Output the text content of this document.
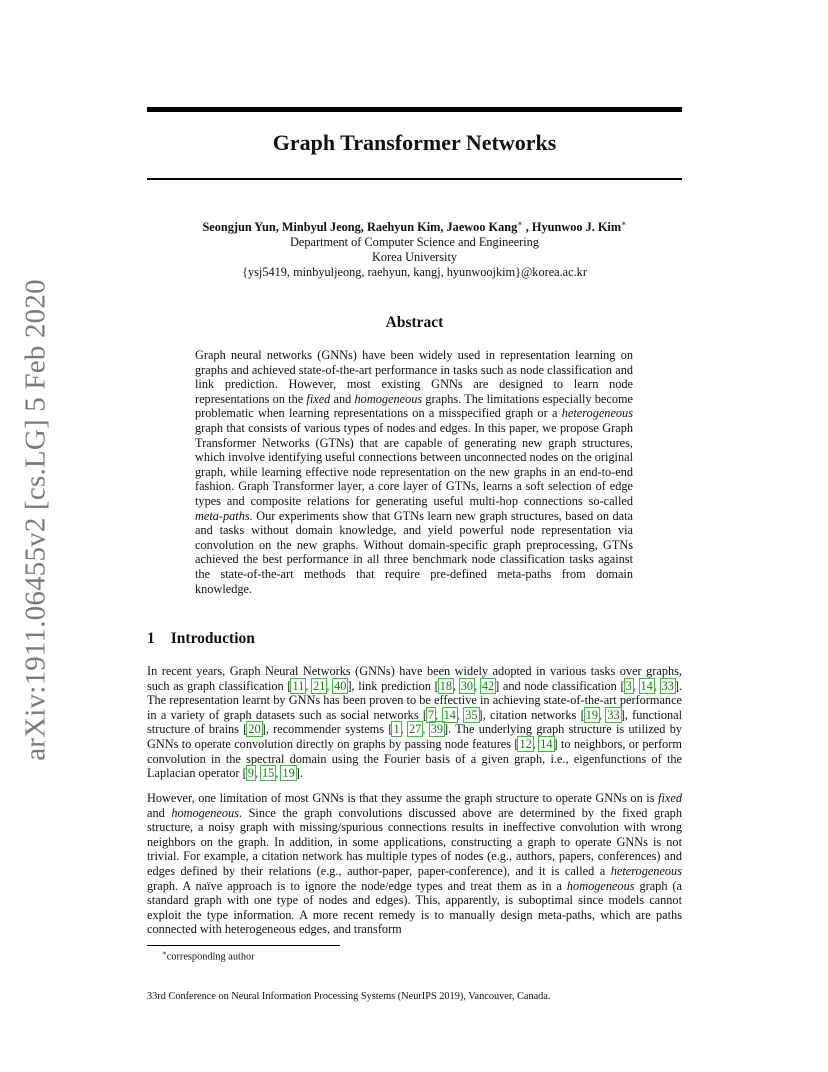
Graph Transformer Networks
Seongjun Yun, Minbyul Jeong, Raehyun Kim, Jaewoo Kang∗ , Hyunwoo J. Kim∗
Department of Computer Science and Engineering
Korea University
{ysj5419, minbyuljeong, raehyun, kangj, hyunwoojkim}@korea.ac.kr
arXiv:1911.06455v2 [cs.LG] 5 Feb 2020	Abstract
Graph neural networks (GNNs) have been widely used in representation learning on graphs and achieved state-of-the-art performance in tasks such as node classification and link prediction. However, most existing GNNs are designed to learn node representations on the fixed and homogeneous graphs. The limitations especially become problematic when learning representations on a misspecified graph or a heterogeneous graph that consists of various types of nodes and edges. In this paper, we propose Graph Transformer Networks (GTNs) that are capable of generating new graph structures, which involve identifying useful connections between unconnected nodes on the original graph, while learning effective node representation on the new graphs in an end-to-end fashion. Graph Transformer layer, a core layer of GTNs, learns a soft selection of edge types and composite relations for generating useful multi-hop connections so-called meta-paths. Our experiments show that GTNs learn new graph structures, based on data and tasks without domain knowledge, and yield powerful node representation via convolution on the new graphs. Without domain-specific graph preprocessing, GTNs achieved the best performance in all three benchmark node classification tasks against the state-of-the-art methods that require pre-defined meta-paths from domain knowledge.
1 Introduction
In recent years, Graph Neural Networks (GNNs) have been widely adopted in various tasks over graphs, such as graph classification [11, 21, 40], link prediction [18, 30, 42] and node classification [3, 14, 33]. The representation learnt by GNNs has been proven to be effective in achieving state-of-the-art performance in a variety of graph datasets such as social networks [7, 14, 35], citation networks [19, 33], functional structure of brains [20], recommender systems [1, 27, 39]. The underlying graph structure is utilized by GNNs to operate convolution directly on graphs by passing node features [12, 14] to neighbors, or perform convolution in the spectral domain using the Fourier basis of a given graph, i.e., eigenfunctions of the Laplacian operator [9, 15, 19].
However, one limitation of most GNNs is that they assume the graph structure to operate GNNs on is fixed and homogeneous. Since the graph convolutions discussed above are determined by the fixed graph structure, a noisy graph with missing/spurious connections results in ineffective convolution with wrong neighbors on the graph. In addition, in some applications, constructing a graph to operate GNNs is not trivial. For example, a citation network has multiple types of nodes (e.g., authors, papers, conferences) and edges defined by their relations (e.g., author-paper, paper-conference), and it is called a heterogeneous graph. A naïve approach is to ignore the node/edge types and treat them as in a homogeneous graph (a standard graph with one type of nodes and edges). This, apparently, is suboptimal since models cannot exploit the type information. A more recent remedy is to manually design meta-paths, which are paths connected with heterogeneous edges, and transform
∗corresponding author
33rd Conference on Neural Information Processing Systems (NeurIPS 2019), Vancouver, Canada.
